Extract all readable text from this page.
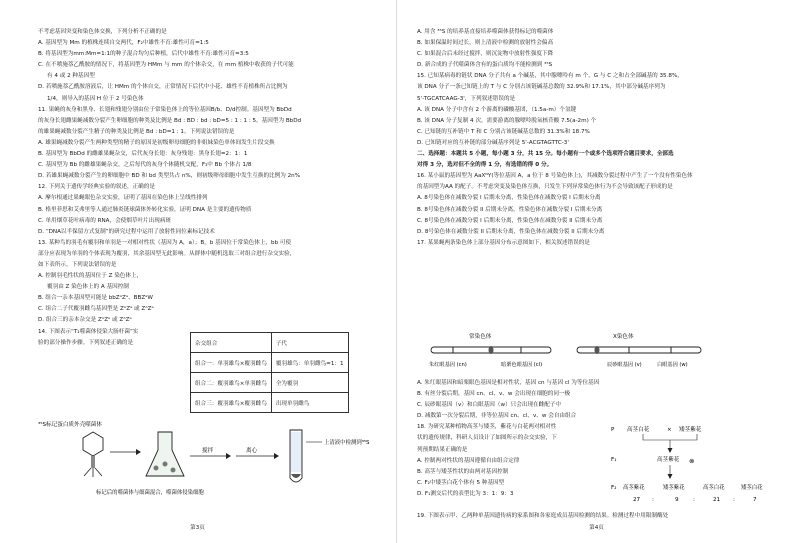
不考虑基因突变和染色体交换，下列分析不正确的是
A. 基因型为 Mm 的植株连续自交两代，F₂中雄性不育:雄性可育=1:5
B. 将基因型为mm:Mm=1:1的种子混合均匀后种植，后代中雄性不育:雄性可育=3:5
C. 在不喷施萘乙酰胺的情况下，将基因型为 HMm 与 mm 的个体杂交，在 mm 植株中收获的子代可能
有 4 或 2 种基因型
D. 若喷施萘乙酰胺溶液后，让 HMm 的个体自交，正常情况下后代中小花、雄性不育植株所占比例为
1/4，则导入的基因 H 位于 2 号染色体
11. 果蝇的灰身和黑身、长翅和残翅分别由位于常染色体上的等位基因B/b、D/d控制。基因型为 BbDd
的灰身长翅雌果蝇减数分裂产生卵细胞的种类及比例是 Bd : BD : bd : bD=5 : 1 : 1 : 5。基因型为 BbDd
的雄果蝇减数分裂产生精子的种类及比例是 Bd : bD=1 : 1。下列说法错误的是
A. 雄果蝇减数分裂产生两种类型的精子的原因是初级卵母细胞的非姐妹染色单体间发生片段交换
B. 基因型为 BbDd 的雌雄果蝇杂交，后代灰身长翅：灰身残翅：黑身长翅=2：1：1
C. 基因型为 Bb 的雌雄果蝇杂交，之后每代的灰身个体随机交配，F₃中 Bb 个体占 1/8
D. 若雄果蝇减数分裂产生的卵细胞中 BD 和 bd 类型共占 n%，则初级卵母细胞中发生互换的比例为 2n%
12. 下列关于遗传学经典实验的叙述，正确的是
A. 摩尔根通过果蝇眼色杂交实验，证明了基因在染色体上呈线性排列
B. 格里菲思和艾弗里等人通过肺炎链球菌体外转化实验，证明 DNA 是主要的遗传物质
C. 单用烟草花叶病毒的 RNA，会使烟草叶片出现病斑
D. “DNA以半保留方式复制”的研究过程中运用了放射性同位素标记技术
13. 某种鸟的羽毛有覆羽和单羽是一对相对性状（基因为 A，a）；B，b 基因位于常染色体上，bb 可使
部分应表现为单羽的个体表现为覆羽，其余基因型无此影响。从群体中随机选取三对组合进行杂交实验，
如下表所示。下列说法错误的是
A. 控制羽毛性状的基因位于 Z 染色体上，
覆羽由 Z 染色体上的 A 基因控制
B. 组合一亲本基因型可能是 bbZᴬZᵃ、BBZᵃW
C. 组合二子代覆羽雌鸟基因型是 ZᴬZᵃ 或 ZᴬZᵃ
D. 组合三的亲本杂交是 ZᴬZᵃ 或 ZᴬZᵃ
14. 下图表示“T₂噬菌体侵染大肠杆菌”实
验的部分操作步骤。下列叙述正确的是	杂交组合	子代
组合一：单羽雄鸟×覆羽雌鸟	覆羽雄鸟：单羽雌鸟=1：1
组合二：覆羽雄鸟×单羽雌鸟	全为覆羽
组合三：覆羽雄鸟×覆羽雌鸟	出现单羽雌鸟
³⁵S标记蛋白质外壳噬菌体
标记后的噬菌体与细菌混合，噬菌体侵染细胞
搅拌	离心
上清液中检测到³⁵S
第3页
A. 用含 ³⁵S 的培养基直接培养噬菌体获得标记的噬菌体
B. 如果保温时间过长，则上清液中检测的放射性会偏高
C. 如果混合后未经过搅拌，则沉淀物中放射性强度下降
D. 新合成的子代噬菌体含有的蛋白质均不能检测到 ³⁵S
15. 已知某病毒的链状 DNA 分子共有 a 个碱基，其中腺嘌呤有 m 个，G 与 C 之和占全部碱基的 35.8%，
该 DNA 分子一条已知链上的 T 与 C 分别占该链碱基总数的 32.9%和 17.1%，其中部分碱基序列为
5'-TGCATCAAG-3'，下列叙述错误的是
A. 该 DNA 分子中含有 2 个游离的磷酸基团，（1.5a-m）个氢键
B. 该 DNA 分子复制 4 次，需要游离的腺嘌呤脱氧核苷酸 7.5(a-2m) 个
C. 已知链的互补链中 T 和 C 分别占该链碱基总数的 31.3%和 18.7%
D. 已知链对应的互补链的部分碱基序列是 5'-ACGTAGTTC-3'
二、选择题：本题共 5 小题，每小题 3 分，共 15 分。每小题有一个或多个选项符合题目要求，全部选
对得 3 分，选对但不全的得 1 分，有选错的得 0 分。
16. 某小鼠的基因型为 AaXᴺY(等位基因 A，a 位于 8 号染色体上)，其减数分裂过程中产生了一个没有性染色体
的基因型为AA 的配子。不考虑突变及染色体互换，只发生下列异常染色体行为不会导致该配子形成的是
A. 8号染色体在减数分裂 I 后期未分离，性染色体在减数分裂 I 后期未分离
B. 8号染色体在减数分裂 II 后期未分离，性染色体在减数分裂 I 后期未分离
C. 8号染色体在减数分裂 I 后期未分离，性染色体在减数分裂 II 后期未分离
D. 8号染色体在减数分裂 II 后期未分离，性染色体在减数分裂 II 后期未分离
17. 某果蝇两条染色体上部分基因分布示意图如下，相关叙述错误的是
常染色体	X染色体
朱红眼基因 (cn)	暗栗色眼基因 (cl)	辰砂眼基因 (v)	白眼基因 (w)
A. 朱红眼基因和暗栗眼色基因是相对性状，基因 cn 与基因 cl 为等位基因
B. 有丝分裂后期，基因 cn、cl、v、w 会出现在细胞的同一极
C. 辰砂眼基因（v）和白眼基因（w）只会出现在雌配子中
D. 减数第一次分裂后期，非等位基因 cn、cl、v、w 会自由组合
18. 为研究某种植物高茎与矮茎，紫花与白花两对相对性
状的遗传规律，科研人员设计了如图所示的杂交实验，下
列预期结果正确的是
A. 控制两对性状的基因遵循自由组合定律
B. 高茎与矮茎性状的由两对基因控制
C. F₂中矮茎白花个体有 5 种基因型
D. F₁测交后代的表型比为 3：1：9：3
P 高茎白花	× 矮茎紫花
F₁	高茎紫花 ⊗
F₂ 高茎紫花	矮茎紫花	高茎白花	矮茎白花
27	9	21	7
:	:	:
19. 下图表示甲、乙两种单基因遗传病的家系图和各家庭成员基因检测的结果。检测过程中用限制酶处
第4页
